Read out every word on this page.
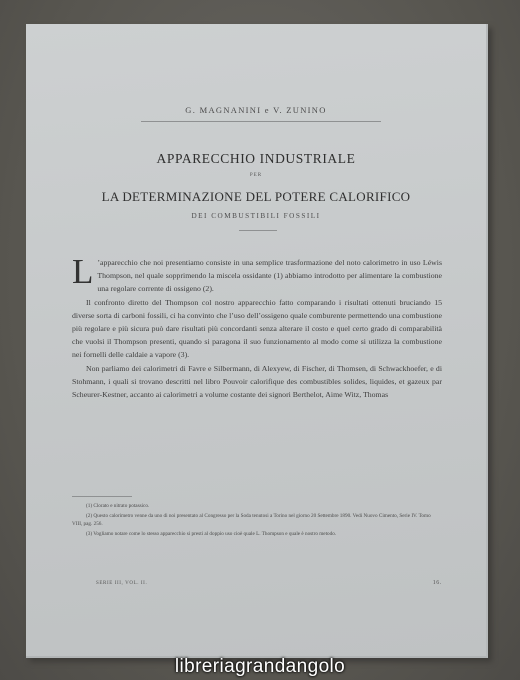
G. MAGNANINI e V. ZUNINO
APPARECCHIO INDUSTRIALE
PER
LA DETERMINAZIONE DEL POTERE CALORIFICO
DEI COMBUSTIBILI FOSSILI

L ’apparecchio che noi presentiamo consiste in una semplice trasformazione del noto calorimetro in uso Léwis Thompson, nel quale sopprimendo la miscela ossidante (1) abbiamo introdotto per alimentare la combustione una regolare corrente di ossigeno (2).

Il confronto diretto del Thompson col nostro apparecchio fatto comparando i risultati ottenuti bruciando 15 diverse sorta di carboni fossili, ci ha convinto che l’uso dell’ossigeno quale comburente permettendo una combustione più regolare e più sicura può dare risultati più concordanti senza alterare il costo e quel certo grado di comparabilità che vuolsi il Thompson presenti, quando si paragona il suo funzionamento al modo come si utilizza la combustione nei fornelli delle caldaie a vapore (3).

Non parliamo dei calorimetri di Favre e Silbermann, di Alexyew, di Fischer, di Thomsen, di Schwackhoefer, e di Stohmann, i quali si trovano descritti nel libro Pouvoir calorifique des combustibles solides, liquides, et gazeux par Scheurer-Kestner, accanto ai calorimetri a volume costante dei signori Berthelot, Aime Witz, Thomas

(1) Clorato e nitrato potassico.

(2) Questo calorimetro venne da uno di noi presentato al Congresso per la Soda tenutosi a Torino nel giorno 20 Settembre 1890. Vedi Nuovo Cimento, Serie IV. Tomo VIII, pag. 256.

(3) Vogliamo notare come lo stesso apparecchio si presti al doppio uso cioè quale L. Thompson e quale è nostro metodo.

SERIE III, VOL. II.	16.
libreriagrandangolo
